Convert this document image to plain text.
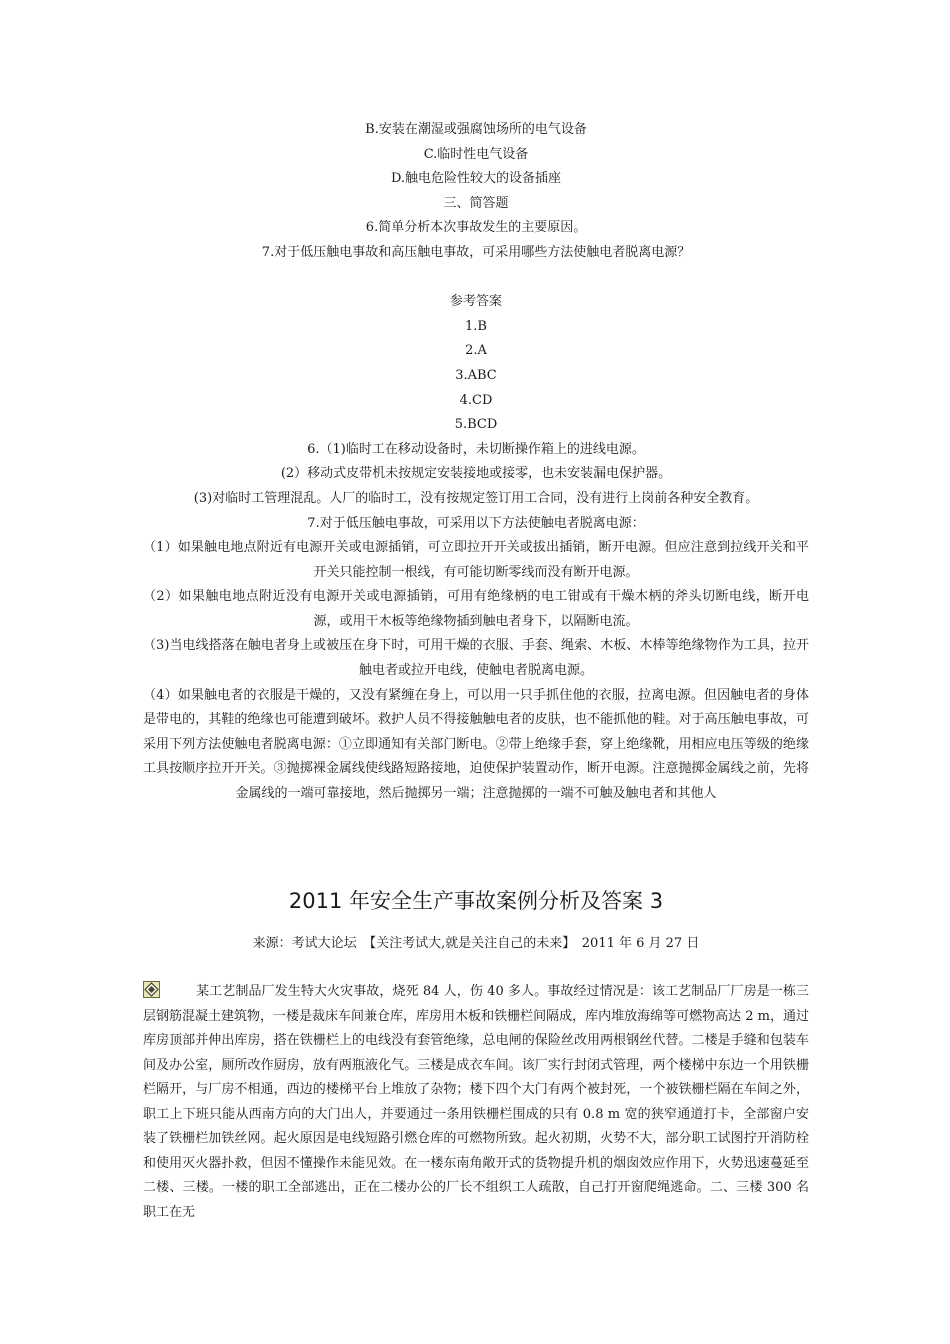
B.安装在潮湿或强腐蚀场所的电气设备
C.临时性电气设备
D.触电危险性较大的设备插座
三、简答题
6.简单分析本次事故发生的主要原因。
7.对于低压触电事故和高压触电事故，可采用哪些方法使触电者脱离电源？
参考答案
1.B
2.A
3.ABC
4.CD
5.BCD
6.（1)临时工在移动设备时，未切断操作箱上的进线电源。
(2）移动式皮带机未按规定安装接地或接零，也未安装漏电保护器。
(3)对临时工管理混乱。人厂的临时工，没有按规定签订用工合同，没有进行上岗前各种安全教育。
7.对于低压触电事故，可采用以下方法使触电者脱离电源：
（1）如果触电地点附近有电源开关或电源插销，可立即拉开开关或拔出插销，断开电源。但应注意到拉线开关和平开关只能控制一根线，有可能切断零线而没有断开电源。
（2）如果触电地点附近没有电源开关或电源插销，可用有绝缘柄的电工钳或有干燥木柄的斧头切断电线，断开电源，或用干木板等绝缘物插到触电者身下，以隔断电流。
（3)当电线搭落在触电者身上或被压在身下时，可用干燥的衣服、手套、绳索、木板、木棒等绝缘物作为工具，拉开触电者或拉开电线，使触电者脱离电源。
（4）如果触电者的衣服是干燥的，又没有紧缠在身上，可以用一只手抓住他的衣服，拉离电源。但因触电者的身体是带电的，其鞋的绝缘也可能遭到破坏。救护人员不得接触触电者的皮肤，也不能抓他的鞋。对于高压触电事故，可采用下列方法使触电者脱离电源：①立即通知有关部门断电。②带上绝缘手套，穿上绝缘靴，用相应电压等级的绝缘工具按顺序拉开开关。③抛掷裸金属线使线路短路接地，迫使保护装置动作，断开电源。注意抛掷金属线之前，先将金属线的一端可靠接地，然后抛掷另一端；注意抛掷的一端不可触及触电者和其他人
2011 年安全生产事故案例分析及答案 3
来源：考试大论坛　【关注考试大,就是关注自己的未来】　2011 年 6 月 27 日
某工艺制品厂发生特大火灾事故，烧死 84 人，伤 40 多人。事故经过情况是：该工艺制品厂厂房是一栋三层钢筋混凝土建筑物，一楼是裁床车间兼仓库，库房用木板和铁栅栏间隔成，库内堆放海绵等可燃物高达 2 m，通过库房顶部并伸出库房，搭在铁栅栏上的电线没有套管绝缘，总电闸的保险丝改用两根钢丝代替。二楼是手缝和包装车间及办公室，厕所改作厨房，放有两瓶液化气。三楼是成衣车间。该厂实行封闭式管理，两个楼梯中东边一个用铁栅栏隔开，与厂房不相通，西边的楼梯平台上堆放了杂物；楼下四个大门有两个被封死，一个被铁栅栏隔在车间之外，职工上下班只能从西南方向的大门出人，并要通过一条用铁栅栏围成的只有 0.8 m 宽的狭窄通道打卡，全部窗户安装了铁栅栏加铁丝网。起火原因是电线短路引燃仓库的可燃物所致。起火初期，火势不大，部分职工试图拧开消防栓和使用灭火器扑救，但因不懂操作未能见效。在一楼东南角敞开式的货物提升机的烟囱效应作用下，火势迅速蔓延至二楼、三楼。一楼的职工全部逃出，正在二楼办公的厂长不组织工人疏散，自己打开窗爬绳逃命。二、三楼 300 名职工在无
